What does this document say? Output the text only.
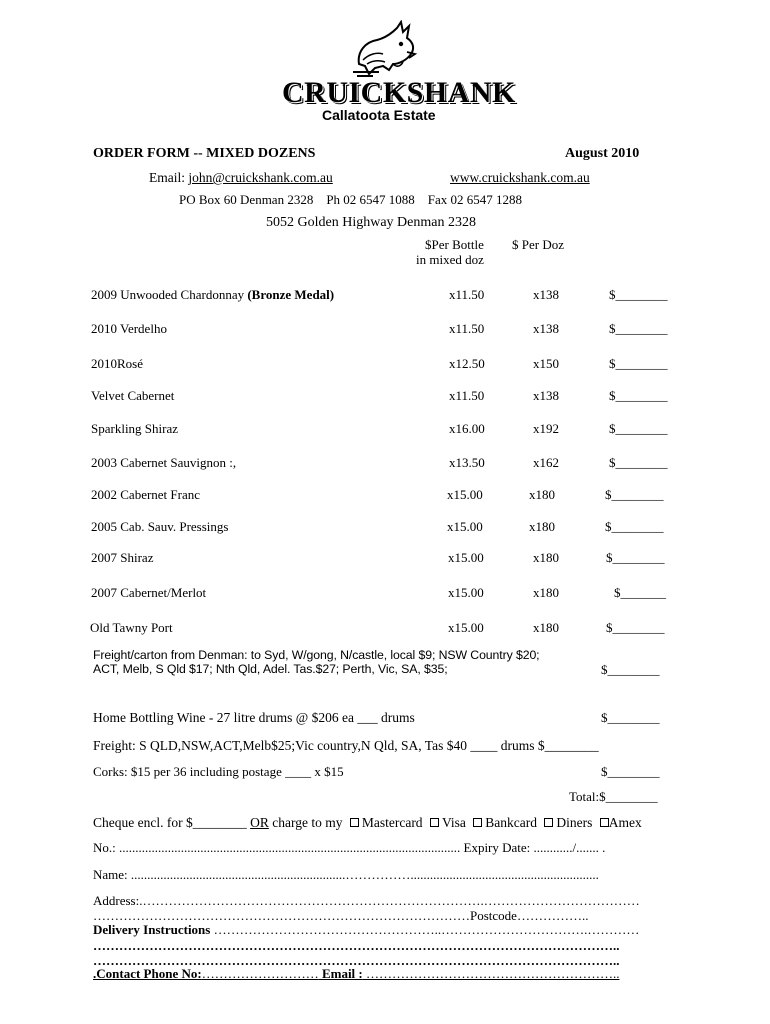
CRUICKSHANK
Callatoota Estate
ORDER FORM -- MIXED DOZENS	August 2010
Email: john@cruickshank.com.au	www.cruickshank.com.au
PO Box 60 Denman 2328    Ph 02 6547 1088    Fax 02 6547 1288
5052 Golden Highway Denman 2328
$Per Bottle
in mixed doz
$ Per Doz
2009 Unwooded Chardonnay (Bronze Medal)	x11.50	x138	$________
2010 Verdelho	x11.50	x138	$________
2010Rosé	x12.50	x150	$________
Velvet Cabernet	x11.50	x138	$________
Sparkling Shiraz	x16.00	x192	$________
2003 Cabernet Sauvignon :,	x13.50	x162	$________
2002 Cabernet Franc	x15.00	x180	$________
2005 Cab. Sauv. Pressings	x15.00	x180	$________
2007 Shiraz	x15.00	x180	$________
2007 Cabernet/Merlot	x15.00	x180	$_______
Old Tawny Port	x15.00	x180	$________
Freight/carton from Denman: to Syd, W/gong, N/castle, local $9; NSW Country $20;
ACT, Melb, S Qld $17; Nth Qld, Adel. Tas.$27; Perth, Vic, SA, $35;	$________
Home Bottling Wine - 27 litre drums @ $206 ea ___ drums	$________
Freight: S QLD,NSW,ACT,Melb$25;Vic country,N Qld, SA, Tas $40 ____ drums $________
Corks: $15 per 36 including postage ____ x $15	$________
Total:$________
Cheque encl. for $________ OR charge to my Mastercard Visa Bankcard Diners Amex
No.: ......................................................................................................... Expiry Date: ............/....... .
Name: ..................................................................……………..........................................................
Address:.…………………………………………………………………….………………………………
……………………………………………………………………………Postcode……………..
Delivery Instructions ……………………………………………..…………………………….…………
…………………………………………………………………………………………………………..
…………………………………………………………………………………………………………..
.Contact Phone No:……………………… Email : …………………………………………………..
